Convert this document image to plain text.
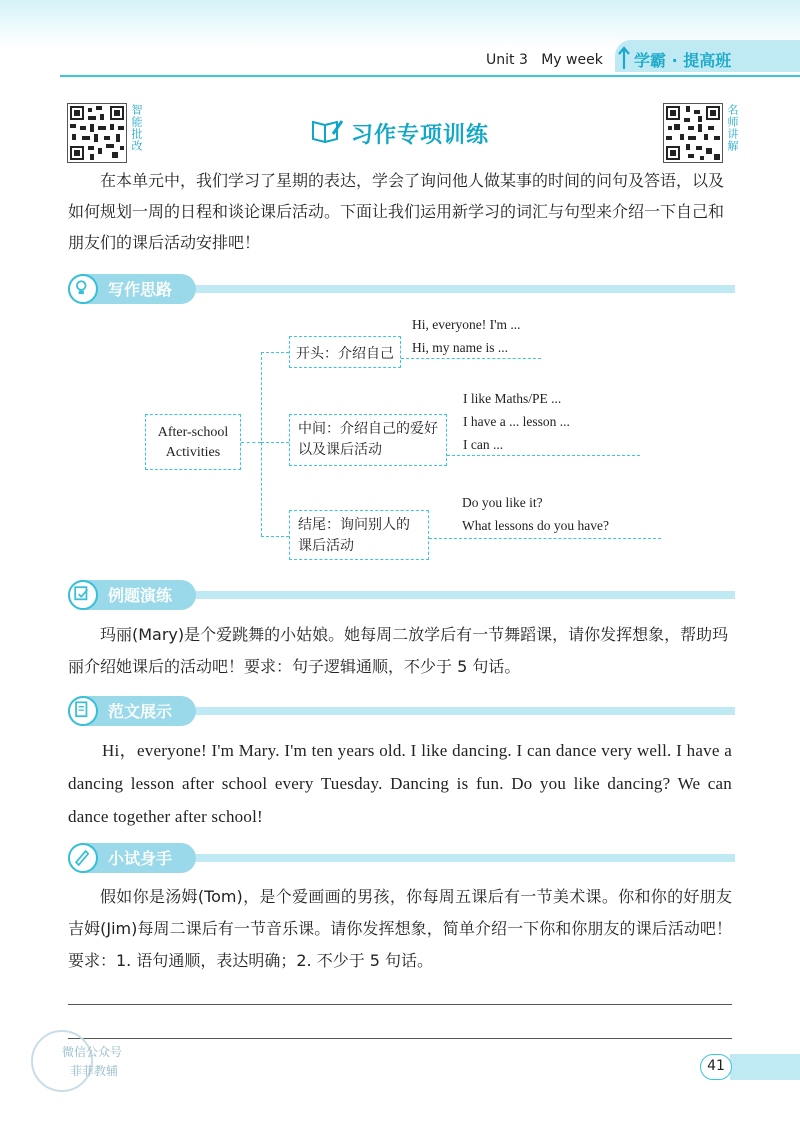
Unit 3   My week 学霸 · 提高班
智能批改	名师讲解
习作专项训练
在本单元中，我们学习了星期的表达，学会了询问他人做某事的时间的问句及答语，以及如何规划一周的日程和谈论课后活动。下面让我们运用新学习的词汇与句型来介绍一下自己和朋友们的课后活动安排吧！
写作思路
After-school
Activities
开头：介绍自己
Hi, everyone! I'm ...
Hi, my name is ...
中间：介绍自己的爱好以及课后活动
I like Maths/PE ...
I have a ... lesson ...
I can ...
结尾：询问别人的课后活动
Do you like it?
What lessons do you have?
例题演练
玛丽(Mary)是个爱跳舞的小姑娘。她每周二放学后有一节舞蹈课，请你发挥想象，帮助玛丽介绍她课后的活动吧！要求：句子逻辑通顺，不少于 5 句话。
范文展示
Hi，everyone! I'm Mary. I'm ten years old. I like dancing. I can dance very well. I have a dancing lesson after school every Tuesday. Dancing is fun. Do you like dancing? We can dance together after school!
小试身手
假如你是汤姆(Tom)，是个爱画画的男孩，你每周五课后有一节美术课。你和你的好朋友吉姆(Jim)每周二课后有一节音乐课。请你发挥想象，简单介绍一下你和你朋友的课后活动吧！要求：1. 语句通顺，表达明确；2. 不少于 5 句话。
微信公众号
菲菲教辅	41
